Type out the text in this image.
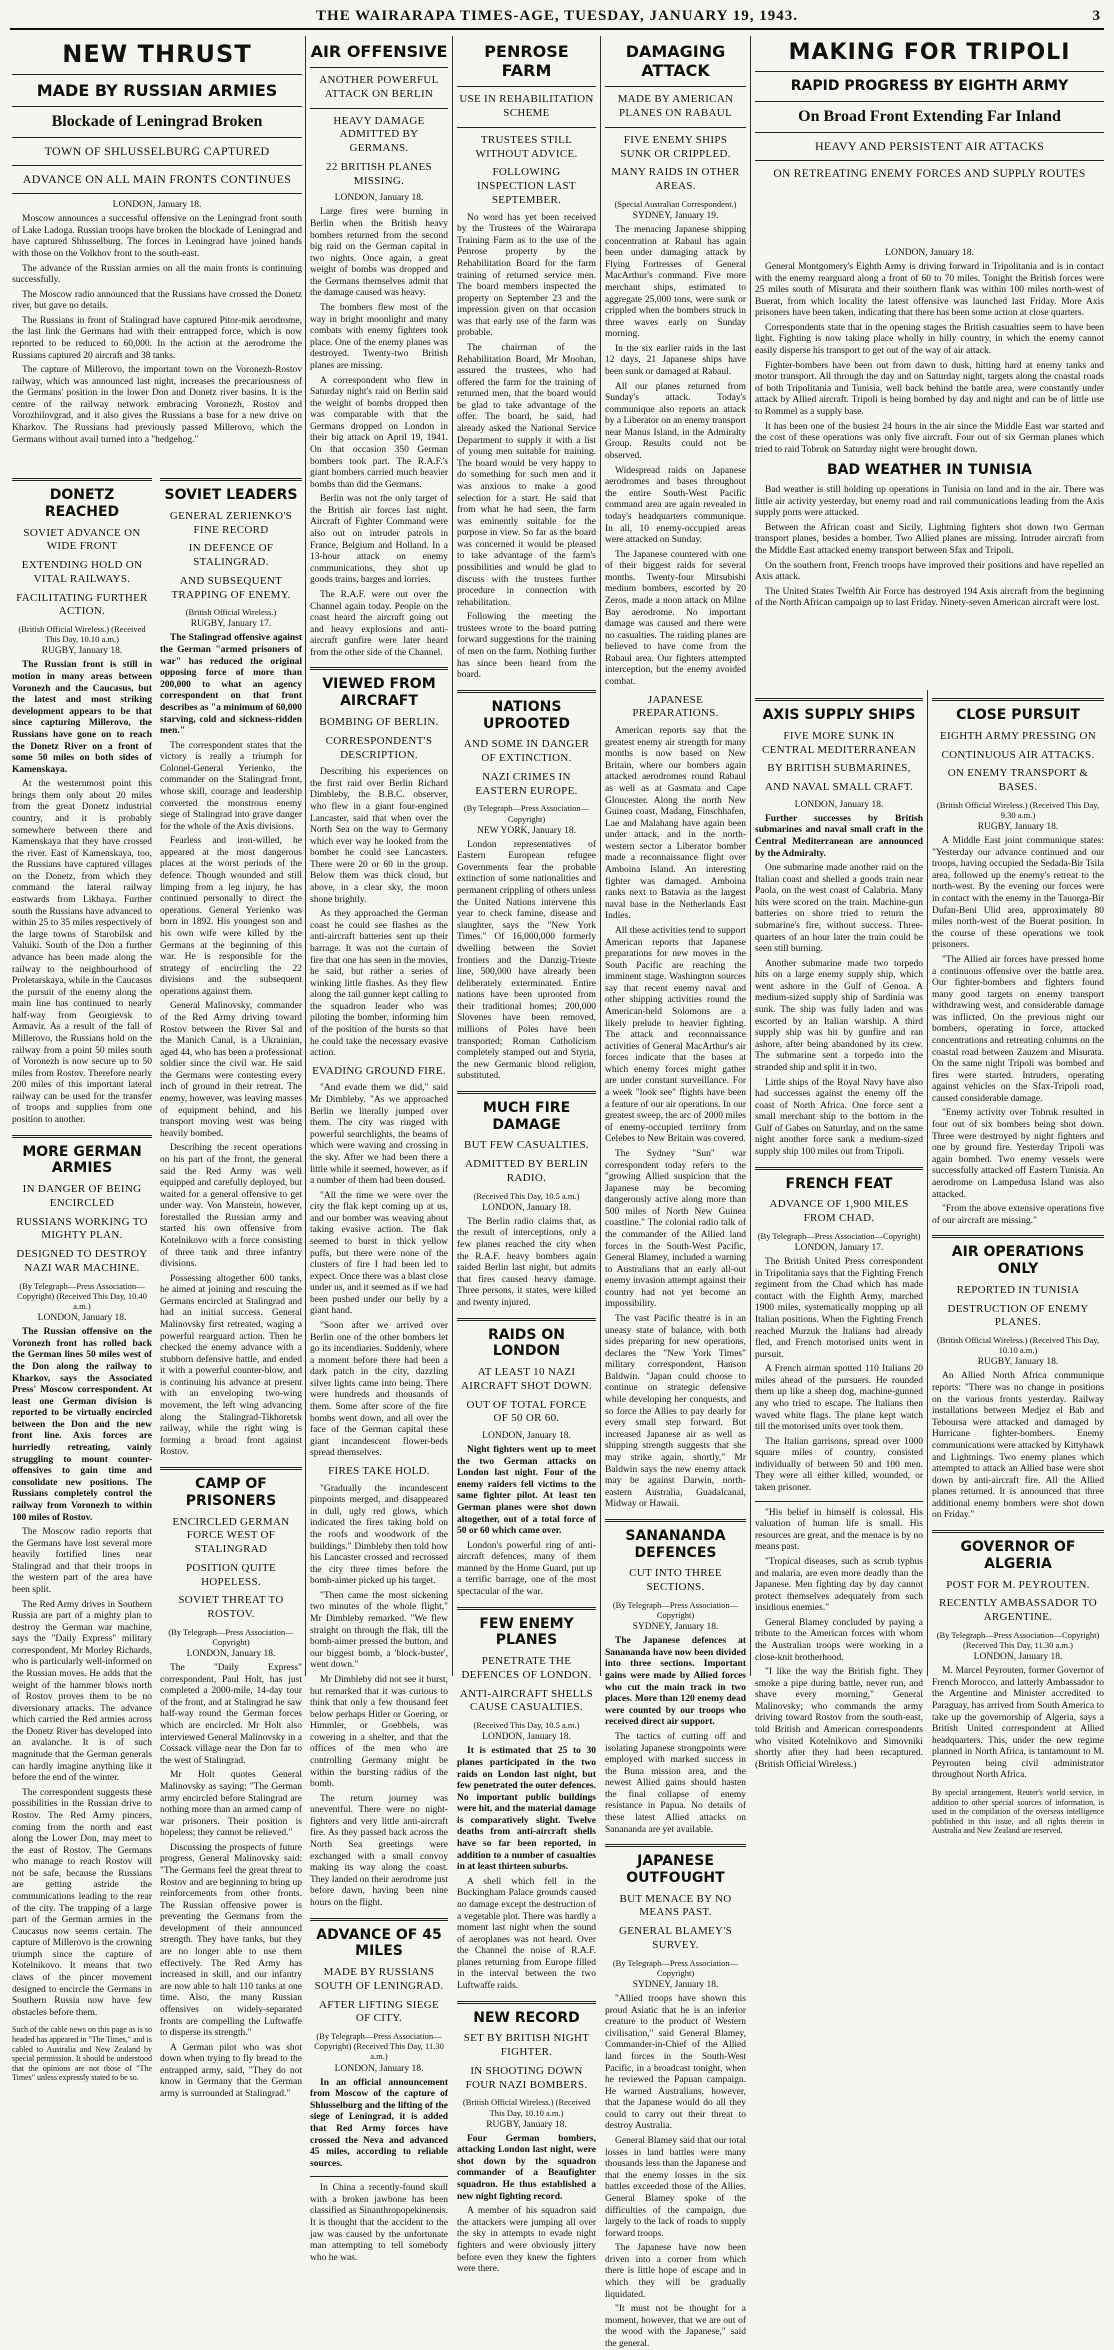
THE WAIRARAPA TIMES-AGE, TUESDAY, JANUARY 19, 1943.	3
NEW THRUST
MADE BY RUSSIAN ARMIES
Blockade of Leningrad Broken
TOWN OF SHLUSSELBURG CAPTURED
ADVANCE ON ALL MAIN FRONTS CONTINUES
LONDON, January 18.

Moscow announces a successful offensive on the Leningrad front south of Lake Ladoga. Russian troops have broken the blockade of Leningrad and have captured Shlusselburg. The forces in Leningrad have joined hands with those on the Volkhov front to the south-east.

The advance of the Russian armies on all the main fronts is continuing successfully.

The Moscow radio announced that the Russians have crossed the Donetz river, but gave no details.

The Russians in front of Stalingrad have captured Pitor-mik aerodrome, the last link the Germans had with their entrapped force, which is now reported to be reduced to 60,000. In the action at the aerodrome the Russians captured 20 aircraft and 38 tanks.

The capture of Millerovo, the important town on the Voronezh-Rostov railway, which was announced last night, increases the precariousness of the Germans' position in the lower Don and Donetz river basins. It is the centre of the railway network embracing Voronezh, Rostov and Vorozhilovgrad, and it also gives the Russians a base for a new drive on Kharkov. The Russians had previously passed Millerovo, which the Germans without avail turned into a "hedgehog."

DONETZ REACHED
SOVIET ADVANCE ON WIDE FRONT
EXTENDING HOLD ON VITAL RAILWAYS.
FACILITATING FURTHER ACTION.
(British Official Wireless.) (Received This Day, 10.10 a.m.)
RUGBY, January 18.

The Russian front is still in motion in many areas between Voronezh and the Caucasus, but the latest and most striking development appears to be that since capturing Millerovo, the Russians have gone on to reach the Donetz River on a front of some 50 miles on both sides of Kamenskaya.

At the westernmost point this brings them only about 20 miles from the great Donetz industrial country, and it is probably somewhere between there and Kamenskaya that they have crossed the river. East of Kamenskaya, too, the Russians have captured villages on the Donetz, from which they command the lateral railway eastwards from Likhaya. Further south the Russians have advanced to within 25 to 35 miles respectively of the large towns of Starobilsk and Valuiki. South of the Don a further advance has been made along the railway to the neighbourhood of Proletarskaya, while in the Caucasus the pursuit of the enemy along the main line has continued to nearly half-way from Georgievsk to Armavir. As a result of the fall of Millerovo, the Russians hold on the railway from a point 50 miles south of Voronezh is now secure up to 50 miles from Rostov. Therefore nearly 200 miles of this important lateral railway can be used for the transfer of troops and supplies from one position to another.

MORE GERMAN ARMIES
IN DANGER OF BEING ENCIRCLED
RUSSIANS WORKING TO MIGHTY PLAN.
DESIGNED TO DESTROY NAZI WAR MACHINE.
(By Telegraph—Press Association—Copyright) (Received This Day, 10.40 a.m.)
LONDON, January 18.

The Russian offensive on the Voronezh front has rolled back the German lines 50 miles west of the Don along the railway to Kharkov, says the Associated Press' Moscow correspondent. At least one German division is reported to be virtually encircled between the Don and the new front line. Axis forces are hurriedly retreating, vainly struggling to mount counter-offensives to gain time and consolidate new positions. The Russians completely control the railway from Voronezh to within 100 miles of Rostov.

The Moscow radio reports that the Germans have lost several more heavily fortified lines near Stalingrad and that their troops in the western part of the area have been split.

The Red Army drives in Southern Russia are part of a mighty plan to destroy the German war machine, says the "Daily Express" military correspondent, Mr Morley Richards, who is particularly well-informed on the Russian moves. He adds that the weight of the hammer blows north of Rostov proves them to be no diversionary attacks. The advance which carried the Red armies across the Donetz River has developed into an avalanche. It is of such magnitude that the German generals can hardly imagine anything like it before the end of the winter.

The correspondent suggests these possibilities in the Russian drive to Rostov. The Red Army pincers, coming from the north and east along the Lower Don, may meet to the east of Rostov. The Germans who manage to reach Rostov will not be safe, because the Russians are getting astride the communications leading to the rear of the city. The trapping of a large part of the German armies in the Caucasus now seems certain. The capture of Millerovo is the crowning triumph since the capture of Kotelnikovo. It means that two claws of the pincer movement designed to encircle the Germans in Southern Russia now have few obstacles before them.

Such of the cable news on this page as is so headed has appeared in "The Times," and is cabled to Australia and New Zealand by special permission. It should be understood that the opinions are not those of "The Times" unless expressly stated to be so.
SOVIET LEADERS
GENERAL ZERIENKO'S FINE RECORD
IN DEFENCE OF STALINGRAD.
AND SUBSEQUENT TRAPPING OF ENEMY.
(British Official Wireless.)
RUGBY, January 17.

The Stalingrad offensive against the German "armed prisoners of war" has reduced the original opposing force of more than 200,000 to what an agency correspondent on that front describes as "a minimum of 60,000 starving, cold and sickness-ridden men."

The correspondent states that the victory is really a triumph for Colonel-General Yerienko, the commander on the Stalingrad front, whose skill, courage and leadership converted the monstrous enemy siege of Stalingrad into grave danger for the whole of the Axis divisions.

Fearless and iron-willed, he appeared at the most dangerous places at the worst periods of the defence. Though wounded and still limping from a leg injury, he has continued personally to direct the operations. General Yerienko was born in 1892. His youngest son and his own wife were killed by the Germans at the beginning of this war. He is responsible for the strategy of encircling the 22 divisions and the subsequent operations against them.

General Malinovsky, commander of the Red Army driving toward Rostov between the River Sal and the Manich Canal, is a Ukrainian, aged 44, who has been a professional soldier since the civil war. He said the Germans were contesting every inch of ground in their retreat. The enemy, however, was leaving masses of equipment behind, and his transport moving west was being heavily bombed.

Describing the recent operations on his part of the front, the general said the Red Army was well equipped and carefully deployed, but waited for a general offensive to get under way. Von Manstein, however, forestalled the Russian army and started his own offensive from Kotelnikovo with a force consisting of three tank and three infantry divisions.

Possessing altogether 600 tanks, he aimed at joining and rescuing the Germans encircled at Stalingrad and had an initial success. General Malinovsky first retreated, waging a powerful rearguard action. Then he checked the enemy advance with a stubborn defensive battle, and ended it with a powerful counter-blow, and is continuing his advance at present with an enveloping two-wing movement, the left wing advancing along the Stalingrad-Tikhoretsk railway, while the right wing is forming a broad front against Rostov.

CAMP OF PRISONERS
ENCIRCLED GERMAN FORCE WEST OF STALINGRAD
POSITION QUITE HOPELESS.
SOVIET THREAT TO ROSTOV.
(By Telegraph—Press Association—Copyright)
LONDON, January 18.

The "Daily Express" correspondent, Paul Holt, has just completed a 2000-mile, 14-day tour of the front, and at Stalingrad he saw half-way round the German forces which are encircled. Mr Holt also interviewed General Malinovsky in a Cossack village near the Don far to the west of Stalingrad.

Mr Holt quotes General Malinovsky as saying: "The German army encircled before Stalingrad are nothing more than an armed camp of war prisoners. Their position is hopeless; they cannot be relieved."

Discussing the prospects of future progress, General Malinovsky said: "The Germans feel the great threat to Rostov and are beginning to bring up reinforcements from other fronts. The Russian offensive power is preventing the Germans from the development of their announced strength. They have tanks, but they are no longer able to use them effectively. The Red Army has increased in skill, and our infantry are now able to halt 110 tanks at one time. Also, the many Russian offensives on widely-separated fronts are compelling the Luftwaffe to disperse its strength."

A German pilot who was shot down when trying to fly bread to the entrapped army, said, "They do not know in Germany that the German army is surrounded at Stalingrad."

AIR OFFENSIVE
ANOTHER POWERFUL ATTACK ON BERLIN
HEAVY DAMAGE ADMITTED BY GERMANS.
22 BRITISH PLANES MISSING.
LONDON, January 18.

Large fires were burning in Berlin when the British heavy bombers returned from the second big raid on the German capital in two nights. Once again, a great weight of bombs was dropped and the Germans themselves admit that the damage caused was heavy.

The bombers flew most of the way in bright moonlight and many combats with enemy fighters took place. One of the enemy planes was destroyed. Twenty-two British planes are missing.

A correspondent who flew in Saturday night's raid on Berlin said the weight of bombs dropped then was comparable with that the Germans dropped on London in their big attack on April 19, 1941. On that occasion 350 German bombers took part. The R.A.F.'s giant bombers carried much heavier bombs than did the Germans.

Berlin was not the only target of the British air forces last night. Aircraft of Fighter Command were also out on intruder patrols in France, Belgium and Holland. In a 13-hour attack on enemy communications, they shot up goods trains, barges and lorries.

The R.A.F. were out over the Channel again today. People on the coast heard the aircraft going out and heavy explosions and anti-aircraft gunfire were later heard from the other side of the Channel.

VIEWED FROM AIRCRAFT
BOMBING OF BERLIN.
CORRESPONDENT'S DESCRIPTION.

Describing his experiences on the first raid over Berlin Richard Dimbleby, the B.B.C. observer, who flew in a giant four-engined Lancaster, said that when over the North Sea on the way to Germany which ever way he looked from the bomber he could see Lancasters. There were 20 or 60 in the group. Below them was thick cloud, but above, in a clear sky, the moon shone brightly.

As they approached the German coast he could see flashes as the anti-aircraft batteries sent up their barrage. It was not the curtain of fire that one has seen in the movies, he said, but rather a series of winking little flashes. As they flew along the tail gunner kept calling to the squadron leader who was piloting the bomber, informing him of the position of the bursts so that he could take the necessary evasive action.

EVADING GROUND FIRE.

"And evade them we did," said Mr Dimbleby. "As we approached Berlin we literally jumped over them. The city was ringed with powerful searchlights, the beams of which were waving and crossing in the sky. After we had been there a little while it seemed, however, as if a number of them had been doused.

"All the time we were over the city the flak kept coming up at us, and our bomber was weaving about taking evasive action. The flak seemed to burst in thick yellow puffs, but there were none of the clusters of fire I had been led to expect. Once there was a blast close under us, and it seemed as if we had been pushed under our belly by a giant hand.

"Soon after we arrived over Berlin one of the other bombers let go its incendiaries. Suddenly, where a moment before there had been a dark patch in the city, dazzling silver lights came into being. There were hundreds and thousands of them. Some after score of the fire bombs went down, and all over the face of the German capital these giant incandescent flower-beds spread themselves.

FIRES TAKE HOLD.

"Gradually the incandescent pinpoints merged, and disappeared in dull, ugly red glows, which indicated the fires taking hold on the roofs and woodwork of the buildings." Dimbleby then told how his Lancaster crossed and recrossed the city three times before the bomb-aimer picked up his target.

"Then came the most sickening two minutes of the whole flight," Mr Dimbleby remarked. "We flew straight on through the flak, till the bomb-aimer pressed the button, and our biggest bomb, a 'block-buster', went down."

Mr Dimbleby did not see it burst, but remarked that it was curious to think that only a few thousand feet below perhaps Hitler or Goering, or Himmler, or Goebbels, was cowering in a shelter, and that the offices of the men who are controlling Germany might be within the bursting radius of the bomb.

The return journey was uneventful. There were no night-fighters and very little anti-aircraft fire. As they passed back across the North Sea greetings were exchanged with a small convoy making its way along the coast. They landed on their aerodrome just before dawn, having been nine hours on the flight.

ADVANCE OF 45 MILES
MADE BY RUSSIANS SOUTH OF LENINGRAD.
AFTER LIFTING SIEGE OF CITY.
(By Telegraph—Press Association—Copyright) (Received This Day, 11.30 a.m.)
LONDON, January 18.

In an official announcement from Moscow of the capture of Shlusselburg and the lifting of the siege of Leningrad, it is added that Red Army forces have crossed the Neva and advanced 45 miles, according to reliable sources.

In China a recently-found skull with a broken jawbone has been classified as Sinanthropopekinensis. It is thought that the accident to the jaw was caused by the unfortunate man attempting to tell somebody who he was.

PENROSE FARM
USE IN REHABILITATION SCHEME
TRUSTEES STILL WITHOUT ADVICE.
FOLLOWING INSPECTION LAST SEPTEMBER.

No word has yet been received by the Trustees of the Wairarapa Training Farm as to the use of the Penrose property by the Rehabilitation Board for the farm training of returned service men. The board members inspected the property on September 23 and the impression given on that occasion was that early use of the farm was probable.

The chairman of the Rehabilitation Board, Mr Moohan, assured the trustees, who had offered the farm for the training of returned men, that the board would be glad to take advantage of the offer. The board, he said, had already asked the National Service Department to supply it with a list of young men suitable for training. The board would be very happy to do something for such men and it was anxious to make a good selection for a start. He said that from what he had seen, the farm was eminently suitable for the purpose in view. So far as the board was concerned it would be pleased to take advantage of the farm's possibilities and would be glad to discuss with the trustees further procedure in connection with rehabilitation.

Following the meeting the trustees wrote to the board putting forward suggestions for the training of men on the farm. Nothing further has since been heard from the board.

NATIONS UPROOTED
AND SOME IN DANGER OF EXTINCTION.
NAZI CRIMES IN EASTERN EUROPE.
(By Telegraph—Press Association—Copyright)
NEW YORK, January 18.

London representatives of Eastern European refugee Governments fear the probable extinction of some nationalities and permanent crippling of others unless the United Nations intervene this year to check famine, disease and slaughter, says the "New York Times." Of 16,000,000 formerly dwelling between the Soviet frontiers and the Danzig-Trieste line, 500,000 have already been deliberately exterminated. Entire nations have been uprooted from their traditional homes; 200,000 Slovenes have been removed, millions of Poles have been transported; Roman Catholicism completely stamped out and Styria, the new Germanic blood religion, substituted.

MUCH FIRE DAMAGE
BUT FEW CASUALTIES.
ADMITTED BY BERLIN RADIO.
(Received This Day, 10.5 a.m.)
LONDON, January 18.

The Berlin radio claims that, as the result of interceptions, only a few planes reached the city when the R.A.F. heavy bombers again raided Berlin last night, but admits that fires caused heavy damage. Three persons, it states, were killed and twenty injured.

RAIDS ON LONDON
AT LEAST 10 NAZI AIRCRAFT SHOT DOWN.
OUT OF TOTAL FORCE OF 50 OR 60.
LONDON, January 18.

Night fighters went up to meet the two German attacks on London last night. Four of the enemy raiders fell victims to the same fighter pilot. At least ten German planes were shot down altogether, out of a total force of 50 or 60 which came over.

London's powerful ring of anti-aircraft defences, many of them manned by the Home Guard, put up a terrific barrage, one of the most spectacular of the war.

FEW ENEMY PLANES
PENETRATE THE DEFENCES OF LONDON.
ANTI-AIRCRAFT SHELLS CAUSE CASUALTIES.
(Received This Day, 10.5 a.m.)
LONDON, January 18.

It is estimated that 25 to 30 planes participated in the two raids on London last night, but few penetrated the outer defences. No important public buildings were hit, and the material damage is comparatively slight. Twelve deaths from anti-aircraft shells have so far been reported, in addition to a number of casualties in at least thirteen suburbs.

A shell which fell in the Buckingham Palace grounds caused no damage except the destruction of a vegetable plot. There was hardly a moment last night when the sound of aeroplanes was not heard. Over the Channel the noise of R.A.F. planes returning from Europe filled in the interval between the two Luftwaffe raids.

NEW RECORD
SET BY BRITISH NIGHT FIGHTER.
IN SHOOTING DOWN FOUR NAZI BOMBERS.
(British Official Wireless.) (Received This Day, 10.10 a.m.)
RUGBY, January 18.

Four German bombers, attacking London last night, were shot down by the squadron commander of a Beaufighter squadron. He thus established a new night fighting record.

A member of his squadron said the attackers were jumping all over the sky in attempts to evade night fighters and were obviously jittery before even they knew the fighters were there.

DAMAGING ATTACK
MADE BY AMERICAN PLANES ON RABAUL
FIVE ENEMY SHIPS SUNK OR CRIPPLED.
MANY RAIDS IN OTHER AREAS.
(Special Australian Correspondent.)
SYDNEY, January 19.

The menacing Japanese shipping concentration at Rabaul has again been under damaging attack by Flying Fortresses of General MacArthur's command. Five more merchant ships, estimated to aggregate 25,000 tons, were sunk or crippled when the bombers struck in three waves early on Sunday morning.

In the six earlier raids in the last 12 days, 21 Japanese ships have been sunk or damaged at Rabaul.

All our planes returned from Sunday's attack. Today's communique also reports an attack by a Liberator on an enemy transport near Manus Island, in the Admiralty Group. Results could not be observed.

Widespread raids on Japanese aerodromes and bases throughout the entire South-West Pacific command area are again revealed in today's headquarters communique. In all, 10 enemy-occupied areas were attacked on Sunday.

The Japanese countered with one of their biggest raids for several months. Twenty-four Mitsubishi medium bombers, escorted by 20 Zeros, made a noon attack on Milne Bay aerodrome. No important damage was caused and there were no casualties. The raiding planes are believed to have come from the Rabaul area. Our fighters attempted interception, but the enemy avoided combat.

JAPANESE PREPARATIONS.

American reports say that the greatest enemy air strength for many months is now based on New Britain, where our bombers again attacked aerodromes round Rabaul as well as at Gasmata and Cape Gloucester. Along the north New Guinea coast, Madang, Finschhafen, Lae and Malahang have again been under attack, and in the north-western sector a Liberator bomber made a reconnaissance flight over Amboina Island. An interesting fighter was damaged. Amboina ranks next to Batavia as the largest naval base in the Netherlands East Indies.

All these activities tend to support American reports that Japanese preparations for new moves in the South Pacific are reaching the imminent stage. Washington sources say that recent enemy naval and other shipping activities round the American-held Solomons are a likely prelude to heavier fighting. The attack and reconnaissance activities of General MacArthur's air forces indicate that the bases at which enemy forces might gather are under constant surveillance. For a week "look see" flights have been a feature of our air operations. In our greatest sweep, the arc of 2000 miles of enemy-occupied territory from Celebes to New Britain was covered.

The Sydney "Sun" war correspondent today refers to the "growing Allied suspicion that the Japanese may be becoming dangerously active along more than 500 miles of North New Guinea coastline." The colonial radio talk of the commander of the Allied land forces in the South-West Pacific, General Blamey, included a warning to Australians that an early all-out enemy invasion attempt against their country had not yet become an impossibility.

The vast Pacific theatre is in an uneasy state of balance, with both sides preparing for new operations, declares the "New York Times" military correspondent, Hanson Baldwin. "Japan could choose to continue on strategic defensive while developing her conquests, and so force the Allies to pay dearly for every small step forward. But increased Japanese air as well as shipping strength suggests that she may strike again, shortly," Mr Baldwin says the new enemy attack may be against Darwin, north-eastern Australia, Guadalcanal, Midway or Hawaii.

SANANANDA DEFENCES
CUT INTO THREE SECTIONS.
(By Telegraph—Press Association—Copyright)
SYDNEY, January 18.

The Japanese defences at Sanananda have now been divided into three sections. Important gains were made by Allied forces who cut the main track in two places. More than 120 enemy dead were counted by our troops who received direct air support.

The tactics of cutting off and isolating Japanese strongpoints were employed with marked success in the Buna mission area, and the newest Allied gains should hasten the final collapse of enemy resistance in Papua. No details of these latest Allied attacks on Sanananda are yet available.

JAPANESE OUTFOUGHT
BUT MENACE BY NO MEANS PAST.
GENERAL BLAMEY'S SURVEY.
(By Telegraph—Press Association—Copyright)
SYDNEY, January 18.

"Allied troops have shown this proud Asiatic that he is an inferior creature to the product of Western civilisation," said General Blamey, Commander-in-Chief of the Allied land forces in the South-West Pacific, in a broadcast tonight, when he reviewed the Papuan campaign. He warned Australians, however, that the Japanese would do all they could to carry out their threat to destroy Australia.

General Blamey said that our total losses in land battles were many thousands less than the Japanese and that the enemy losses in the six battles exceeded those of the Allies. General Blamey spoke of the difficulties of the campaign, due largely to the lack of roads to supply forward troops.

The Japanese have now been driven into a corner from which there is little hope of escape and in which they will be gradually liquidated.

"It must not be thought for a moment, however, that we are out of the wood with the Japanese," said the general.

MAKING FOR TRIPOLI
RAPID PROGRESS BY EIGHTH ARMY
On Broad Front Extending Far Inland
HEAVY AND PERSISTENT AIR ATTACKS
ON RETREATING ENEMY FORCES AND SUPPLY ROUTES
LONDON, January 18.

General Montgomery's Eighth Army is driving forward in Tripolitania and is in contact with the enemy rearguard along a front of 60 to 70 miles. Tonight the British forces were 25 miles south of Misurata and their southern flank was within 100 miles north-west of Buerat, from which locality the latest offensive was launched last Friday. More Axis prisoners have been taken, indicating that there has been some action at close quarters.

Correspondents state that in the opening stages the British casualties seem to have been light. Fighting is now taking place wholly in hilly country, in which the enemy cannot easily disperse his transport to get out of the way of air attack.

Fighter-bombers have been out from dawn to dusk, hitting hard at enemy tanks and motor transport. All through the day and on Saturday night, targets along the coastal roads of both Tripolitania and Tunisia, well back behind the battle area, were constantly under attack by Allied aircraft. Tripoli is being bombed by day and night and can be of little use to Rommel as a supply base.

It has been one of the busiest 24 hours in the air since the Middle East war started and the cost of these operations was only five aircraft. Four out of six German planes which tried to raid Tobruk on Saturday night were brought down.

BAD WEATHER IN TUNISIA

Bad weather is still holding up operations in Tunisia on land and in the air. There was little air activity yesterday, but enemy road and rail communications leading from the Axis supply ports were attacked.

Between the African coast and Sicily, Lightning fighters shot down two German transport planes, besides a bomber. Two Allied planes are missing. Intruder aircraft from the Middle East attacked enemy transport between Sfax and Tripoli.

On the southern front, French troops have improved their positions and have repelled an Axis attack.

The United States Twelfth Air Force has destroyed 194 Axis aircraft from the beginning of the North African campaign up to last Friday. Ninety-seven American aircraft were lost.

AXIS SUPPLY SHIPS
FIVE MORE SUNK IN CENTRAL MEDITERRANEAN
BY BRITISH SUBMARINES,
AND NAVAL SMALL CRAFT.
LONDON, January 18.

Further successes by British submarines and naval small craft in the Central Mediterranean are announced by the Admiralty.

One submarine made another raid on the Italian coast and shelled a goods train near Paola, on the west coast of Calabria. Many hits were scored on the train. Machine-gun batteries on shore tried to return the submarine's fire, without success. Three-quarters of an hour later the train could be seen still burning.

Another submarine made two torpedo hits on a large enemy supply ship, which went ashore in the Gulf of Genoa. A medium-sized supply ship of Sardinia was sunk. The ship was fully laden and was escorted by an Italian warship. A third supply ship was hit by gunfire and ran ashore, after being abandoned by its crew. The submarine sent a torpedo into the stranded ship and split it in two.

Little ships of the Royal Navy have also had successes against the enemy off the coast of North Africa. One force sent a small merchant ship to the bottom in the Gulf of Gabes on Saturday, and on the same night another force sank a medium-sized supply ship 100 miles out from Tripoli.

FRENCH FEAT
ADVANCE OF 1,900 MILES FROM CHAD.
(By Telegraph—Press Association—Copyright)
LONDON, January 17.

The British United Press correspondent in Tripolitania says that the Fighting French regiment from the Chad which has made contact with the Eighth Army, marched 1900 miles, systematically mopping up all Italian positions. When the Fighting French reached Murzuk the Italians had already fled, and French motorised units went in pursuit.

A French airman spotted 110 Italians 20 miles ahead of the pursuers. He rounded them up like a sheep dog, machine-gunned any who tried to escape. The Italians then waved white flags. The plane kept watch till the motorised units over took them.

The Italian garrisons, spread over 1000 square miles of country, consisted individually of between 50 and 100 men. They were all either killed, wounded, or taken prisoner.

"His belief in himself is colossal. His valuation of human life is small. His resources are great, and the menace is by no means past.

"Tropical diseases, such as scrub typhus and malaria, are even more deadly than the Japanese. Men fighting day by day cannot protect themselves adequately from such insidious enemies."

General Blamey concluded by paying a tribute to the American forces with whom the Australian troops were working in a close-knit brotherhood.

"I like the way the British fight. They smoke a pipe during battle, never run, and shave every morning," General Malinovsky; who commands the army driving toward Rostov from the south-east, told British and American correspondents who visited Kotelnikovo and Simovniki shortly after they had been recaptured. (British Official Wireless.)

CLOSE PURSUIT
EIGHTH ARMY PRESSING ON
CONTINUOUS AIR ATTACKS.
ON ENEMY TRANSPORT & BASES.
(British Official Wireless.) (Received This Day, 9.30 a.m.)
RUGBY, January 18.

A Middle East joint communique states: "Yesterday our advance continued and our troops, having occupied the Sedada-Bir Tsila area, followed up the enemy's retreat to the north-west. By the evening our forces were in contact with the enemy in the Tauorga-Bir Dufan-Beni Ulid area, approximately 80 miles north-west of the Buerat position. In the course of these operations we took prisoners.

"The Allied air forces have pressed home a continuous offensive over the battle area. Our fighter-bombers and fighters found many good targets on enemy transport withdrawing west, and considerable damage was inflicted. On the previous night our bombers, operating in force, attacked concentrations and retreating columns on the coastal road between Zauzem and Misurata. On the same night Tripoli was bombed and fires were started. Intruders, operating against vehicles on the Sfax-Tripoli road, caused considerable damage.

"Enemy activity over Tobruk resulted in four out of six bombers being shot down. Three were destroyed by night fighters and one by ground fire. Yesterday Tripoli was again bombed. Two enemy vessels were successfully attacked off Eastern Tunisia. An aerodrome on Lampedusa Island was also attacked.

"From the above extensive operations five of our aircraft are missing."

AIR OPERATIONS ONLY
REPORTED IN TUNISIA
DESTRUCTION OF ENEMY PLANES.
(British Official Wireless.) (Received This Day, 10.10 a.m.)
RUGBY, January 18.

An Allied North Africa communique reports: "There was no change in positions on the various fronts yesterday. Railway installations between Medjez el Bab and Teboursa were attacked and damaged by Hurricane fighter-bombers. Enemy communications were attacked by Kittyhawk and Lightnings. Two enemy planes which attempted to attack an Allied base were shot down by anti-aircraft fire. All the Allied planes returned. It is announced that three additional enemy bombers were shot down on Friday."

GOVERNOR OF ALGERIA
POST FOR M. PEYROUTEN.
RECENTLY AMBASSADOR TO ARGENTINE.
(By Telegraph—Press Association—Copyright) (Received This Day, 11.30 a.m.)
LONDON, January 18.

M. Marcel Peyrouten, former Governor of French Morocco, and latterly Ambassador to the Argentine and Minister accredited to Paraguay, has arrived from South America to take up the governorship of Algeria, says a British United correspondent at Allied headquarters. This, under the new regime planned in North Africa, is tantamount to M. Peyrouten being civil administrator throughout North Africa.

By special arrangement, Reuter's world service, in addition to other special sources of information, is used in the compilation of the overseas intelligence published in this issue, and all rights therein in Australia and New Zealand are reserved.
